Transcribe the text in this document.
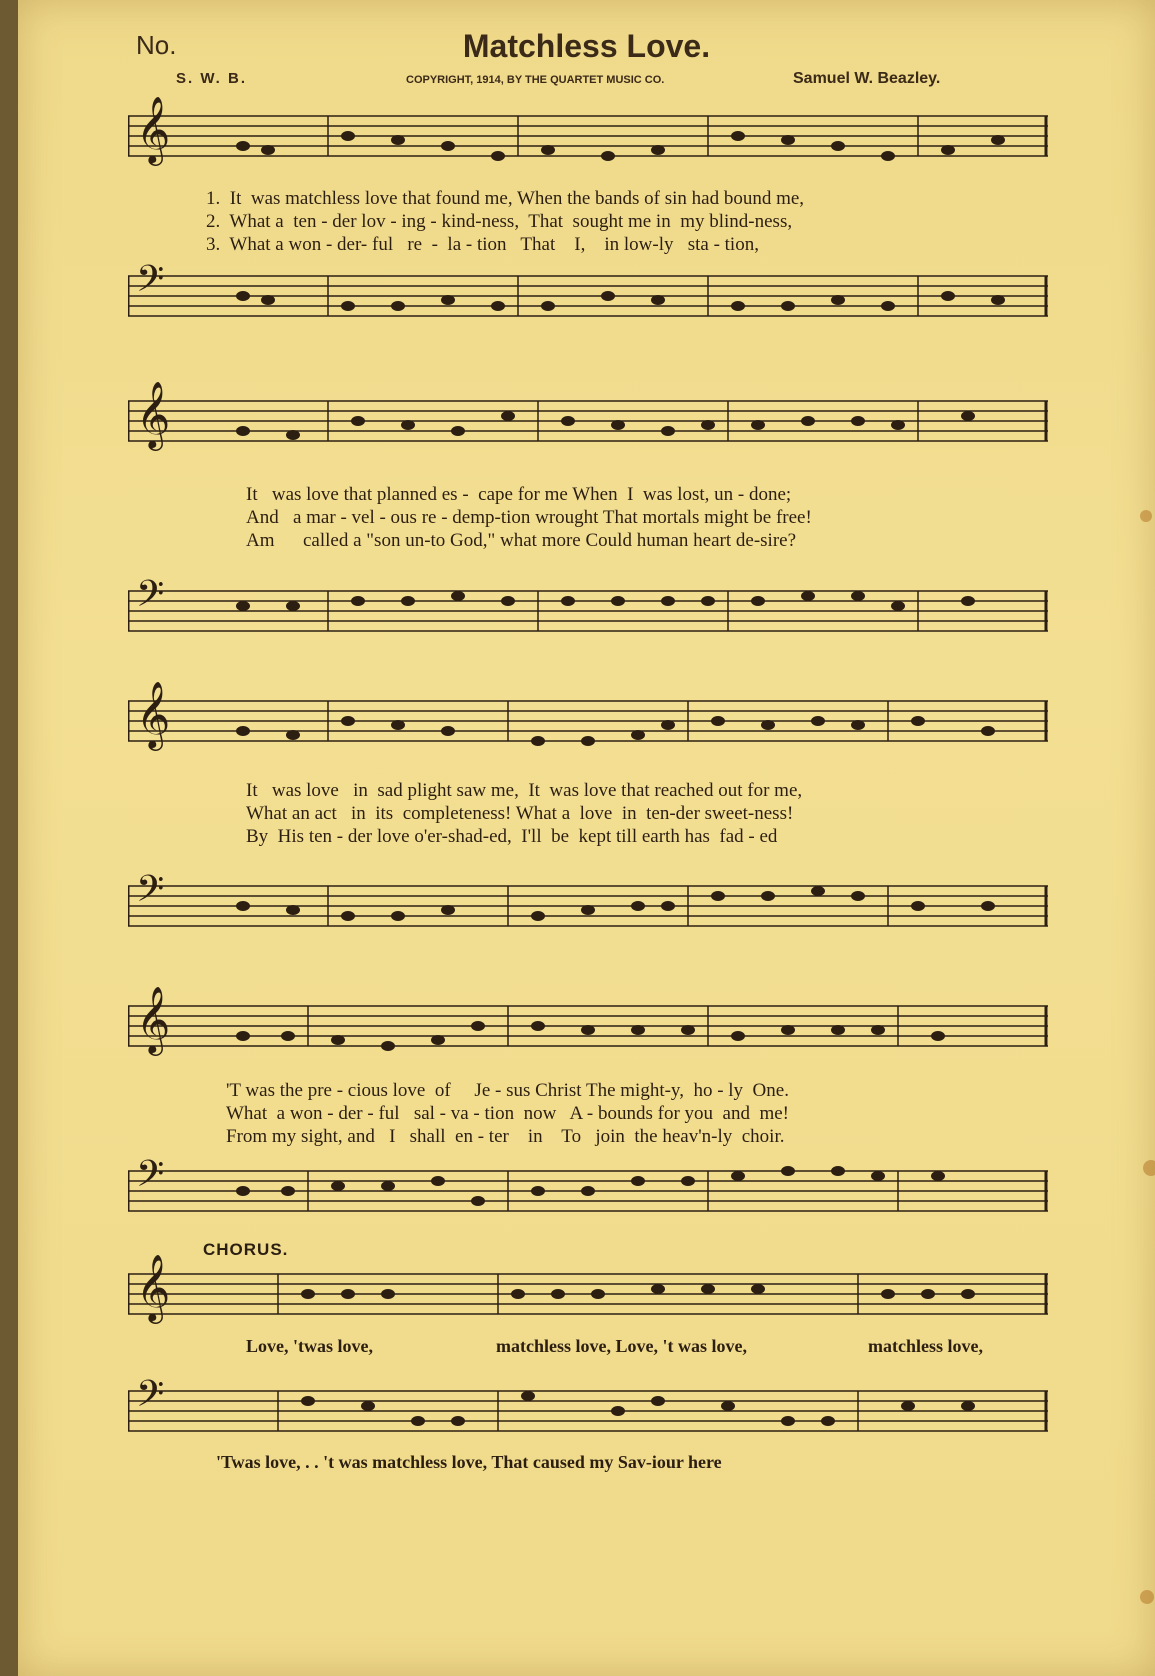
No.	Matchless Love.
S. W. B.	COPYRIGHT, 1914, BY THE QUARTET MUSIC CO.	Samuel W. Beazley.
𝄞
1.  It  was matchless love that found me, When the bands of sin had bound me,
2.  What a  ten - der lov - ing - kind-ness,  That  sought me in  my blind-ness,
3.  What a won - der- ful   re  -  la - tion   That    I,    in low-ly   sta - tion,
𝄢
𝄞
It   was love that planned es -  cape for me When  I  was lost, un - done;
And   a mar - vel - ous re - demp-tion wrought That mortals might be free!
Am      called a "son un-to God," what more Could human heart de-sire?
𝄢
𝄞
It   was love   in  sad plight saw me,  It  was love that reached out for me,
What an act   in  its  completeness! What a  love  in  ten-der sweet-ness!
By  His ten - der love o'er-shad-ed,  I'll  be  kept till earth has  fad - ed
𝄢
𝄞
'T was the pre - cious love  of     Je - sus Christ The might-y,  ho - ly  One.
What  a won - der - ful   sal - va - tion  now   A - bounds for you  and  me!
From my sight, and   I   shall  en - ter    in    To   join  the heav'n-ly  choir.
𝄢
CHORUS.
𝄞
Love, 'twas love,	matchless love, Love, 't was love,	matchless love,
𝄢
'Twas love, . . 't was matchless love, That caused my Sav-iour here
